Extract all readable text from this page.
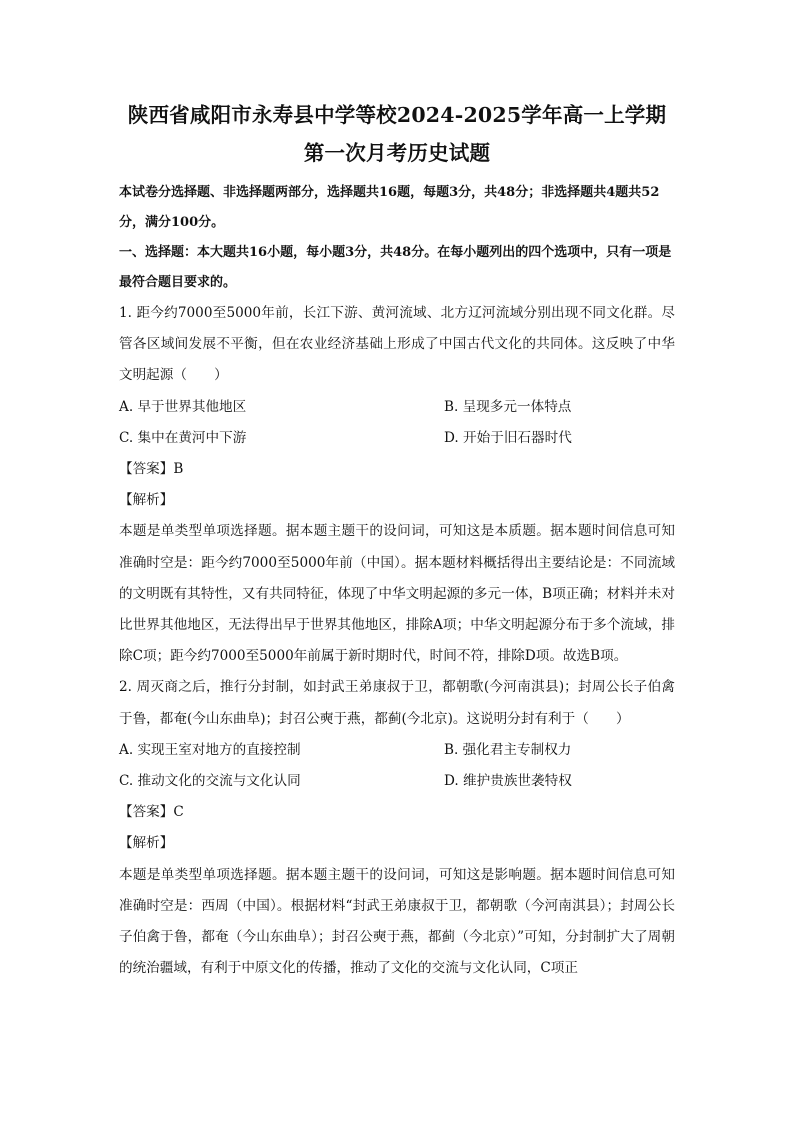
陕西省咸阳市永寿县中学等校2024-2025学年高一上学期
第一次月考历史试题
本试卷分选择题、非选择题两部分，选择题共16题，每题3分，共48分；非选择题共4题共52分，满分100分。
一、选择题：本大题共16小题，每小题3分，共48分。在每小题列出的四个选项中，只有一项是最符合题目要求的。
1. 距今约7000至5000年前，长江下游、黄河流域、北方辽河流域分别出现不同文化群。尽管各区域间发展不平衡，但在农业经济基础上形成了中国古代文化的共同体。这反映了中华文明起源（　　）
A. 早于世界其他地区	B. 呈现多元一体特点
C. 集中在黄河中下游	D. 开始于旧石器时代
【答案】B
【解析】
本题是单类型单项选择题。据本题主题干的设问词，可知这是本质题。据本题时间信息可知准确时空是：距今约7000至5000年前（中国）。据本题材料概括得出主要结论是：不同流域的文明既有其特性，又有共同特征，体现了中华文明起源的多元一体，B项正确；材料并未对比世界其他地区，无法得出早于世界其他地区，排除A项；中华文明起源分布于多个流域，排除C项；距今约7000至5000年前属于新时期时代，时间不符，排除D项。故选B项。
2. 周灭商之后，推行分封制，如封武王弟康叔于卫，都朝歌(今河南淇县)；封周公长子伯禽于鲁，都奄(今山东曲阜)；封召公奭于燕，都蓟(今北京)。这说明分封有利于（　　）
A. 实现王室对地方的直接控制	B. 强化君主专制权力
C. 推动文化的交流与文化认同	D. 维护贵族世袭特权
【答案】C
【解析】
本题是单类型单项选择题。据本题主题干的设问词，可知这是影响题。据本题时间信息可知准确时空是：西周（中国）。根据材料“封武王弟康叔于卫，都朝歌（今河南淇县）；封周公长子伯禽于鲁，都奄（今山东曲阜）；封召公奭于燕，都蓟（今北京）”可知，分封制扩大了周朝的统治疆域，有利于中原文化的传播，推动了文化的交流与文化认同，C项正
